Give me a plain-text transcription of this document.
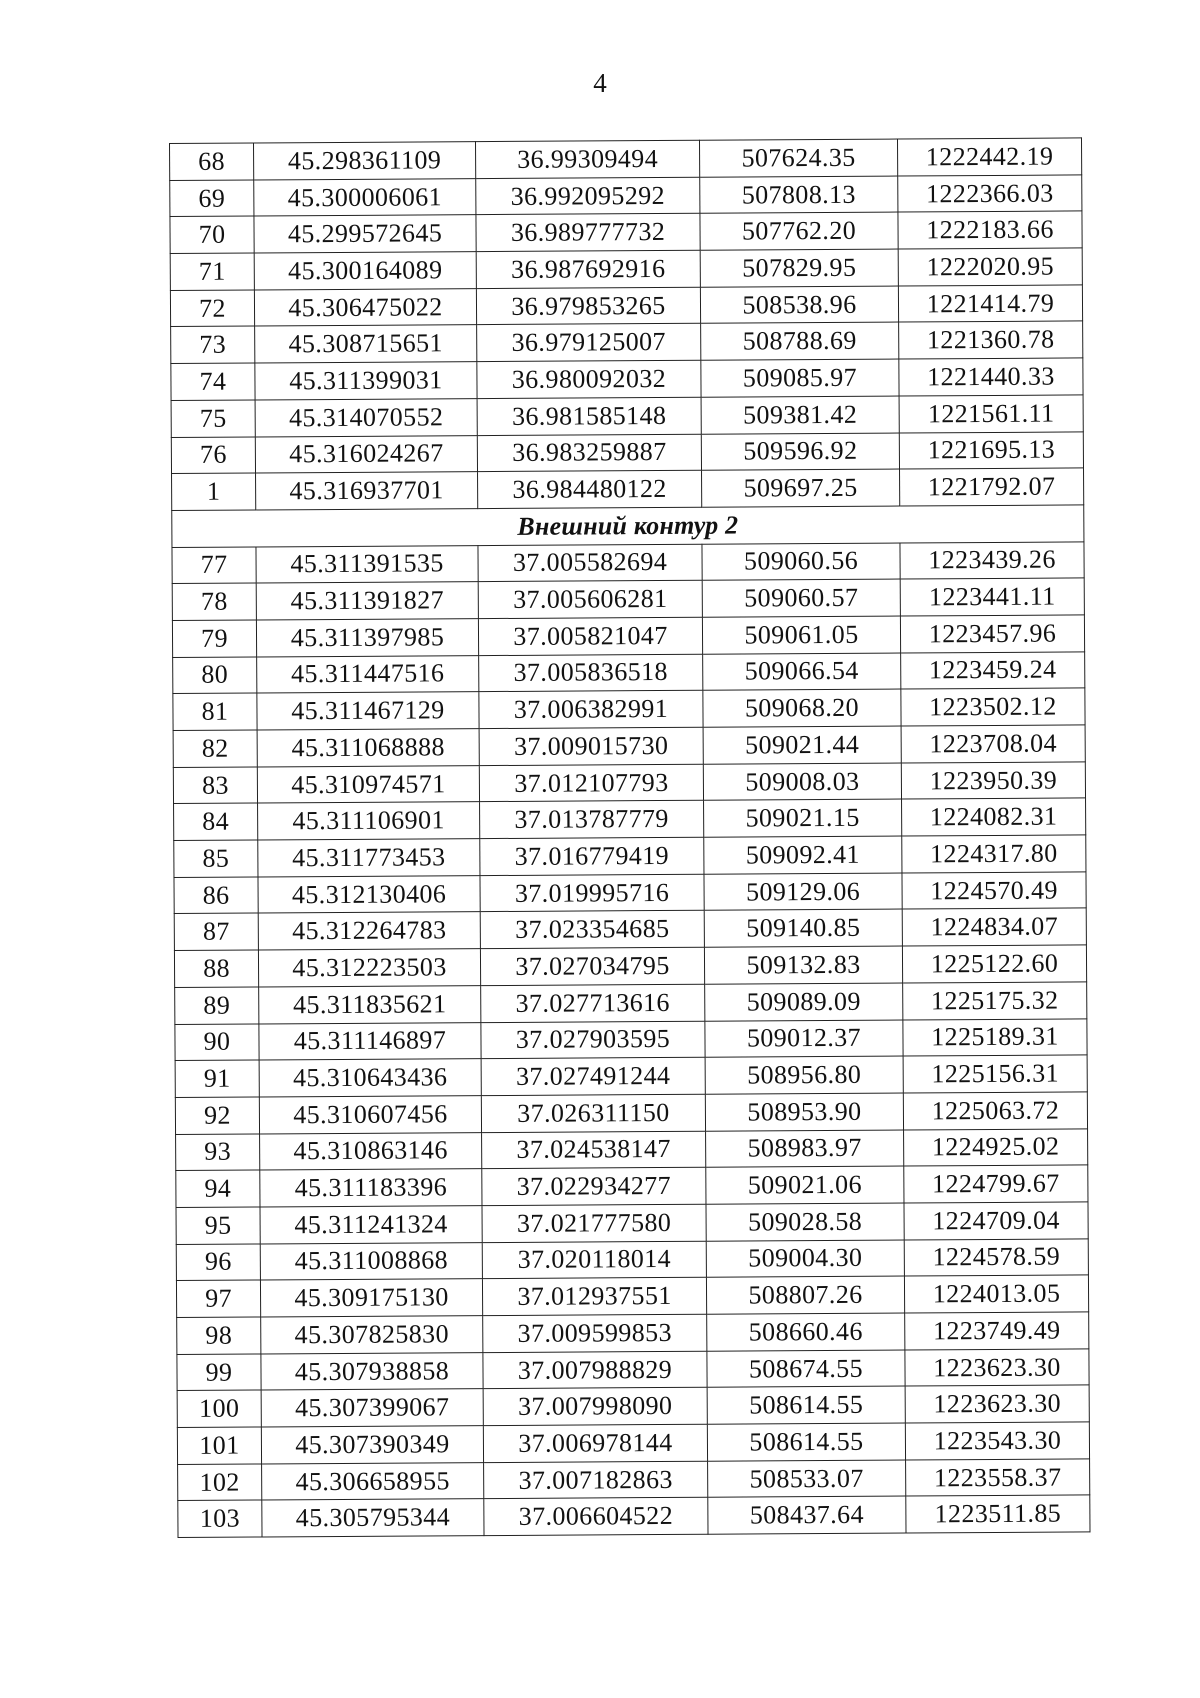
4
68	45.298361109	36.99309494	507624.35	1222442.19
69	45.300006061	36.992095292	507808.13	1222366.03
70	45.299572645	36.989777732	507762.20	1222183.66
71	45.300164089	36.987692916	507829.95	1222020.95
72	45.306475022	36.979853265	508538.96	1221414.79
73	45.308715651	36.979125007	508788.69	1221360.78
74	45.311399031	36.980092032	509085.97	1221440.33
75	45.314070552	36.981585148	509381.42	1221561.11
76	45.316024267	36.983259887	509596.92	1221695.13
1	45.316937701	36.984480122	509697.25	1221792.07
Внешний контур 2				
77	45.311391535	37.005582694	509060.56	1223439.26
78	45.311391827	37.005606281	509060.57	1223441.11
79	45.311397985	37.005821047	509061.05	1223457.96
80	45.311447516	37.005836518	509066.54	1223459.24
81	45.311467129	37.006382991	509068.20	1223502.12
82	45.311068888	37.009015730	509021.44	1223708.04
83	45.310974571	37.012107793	509008.03	1223950.39
84	45.311106901	37.013787779	509021.15	1224082.31
85	45.311773453	37.016779419	509092.41	1224317.80
86	45.312130406	37.019995716	509129.06	1224570.49
87	45.312264783	37.023354685	509140.85	1224834.07
88	45.312223503	37.027034795	509132.83	1225122.60
89	45.311835621	37.027713616	509089.09	1225175.32
90	45.311146897	37.027903595	509012.37	1225189.31
91	45.310643436	37.027491244	508956.80	1225156.31
92	45.310607456	37.026311150	508953.90	1225063.72
93	45.310863146	37.024538147	508983.97	1224925.02
94	45.311183396	37.022934277	509021.06	1224799.67
95	45.311241324	37.021777580	509028.58	1224709.04
96	45.311008868	37.020118014	509004.30	1224578.59
97	45.309175130	37.012937551	508807.26	1224013.05
98	45.307825830	37.009599853	508660.46	1223749.49
99	45.307938858	37.007988829	508674.55	1223623.30
100	45.307399067	37.007998090	508614.55	1223623.30
101	45.307390349	37.006978144	508614.55	1223543.30
102	45.306658955	37.007182863	508533.07	1223558.37
103	45.305795344	37.006604522	508437.64	1223511.85
